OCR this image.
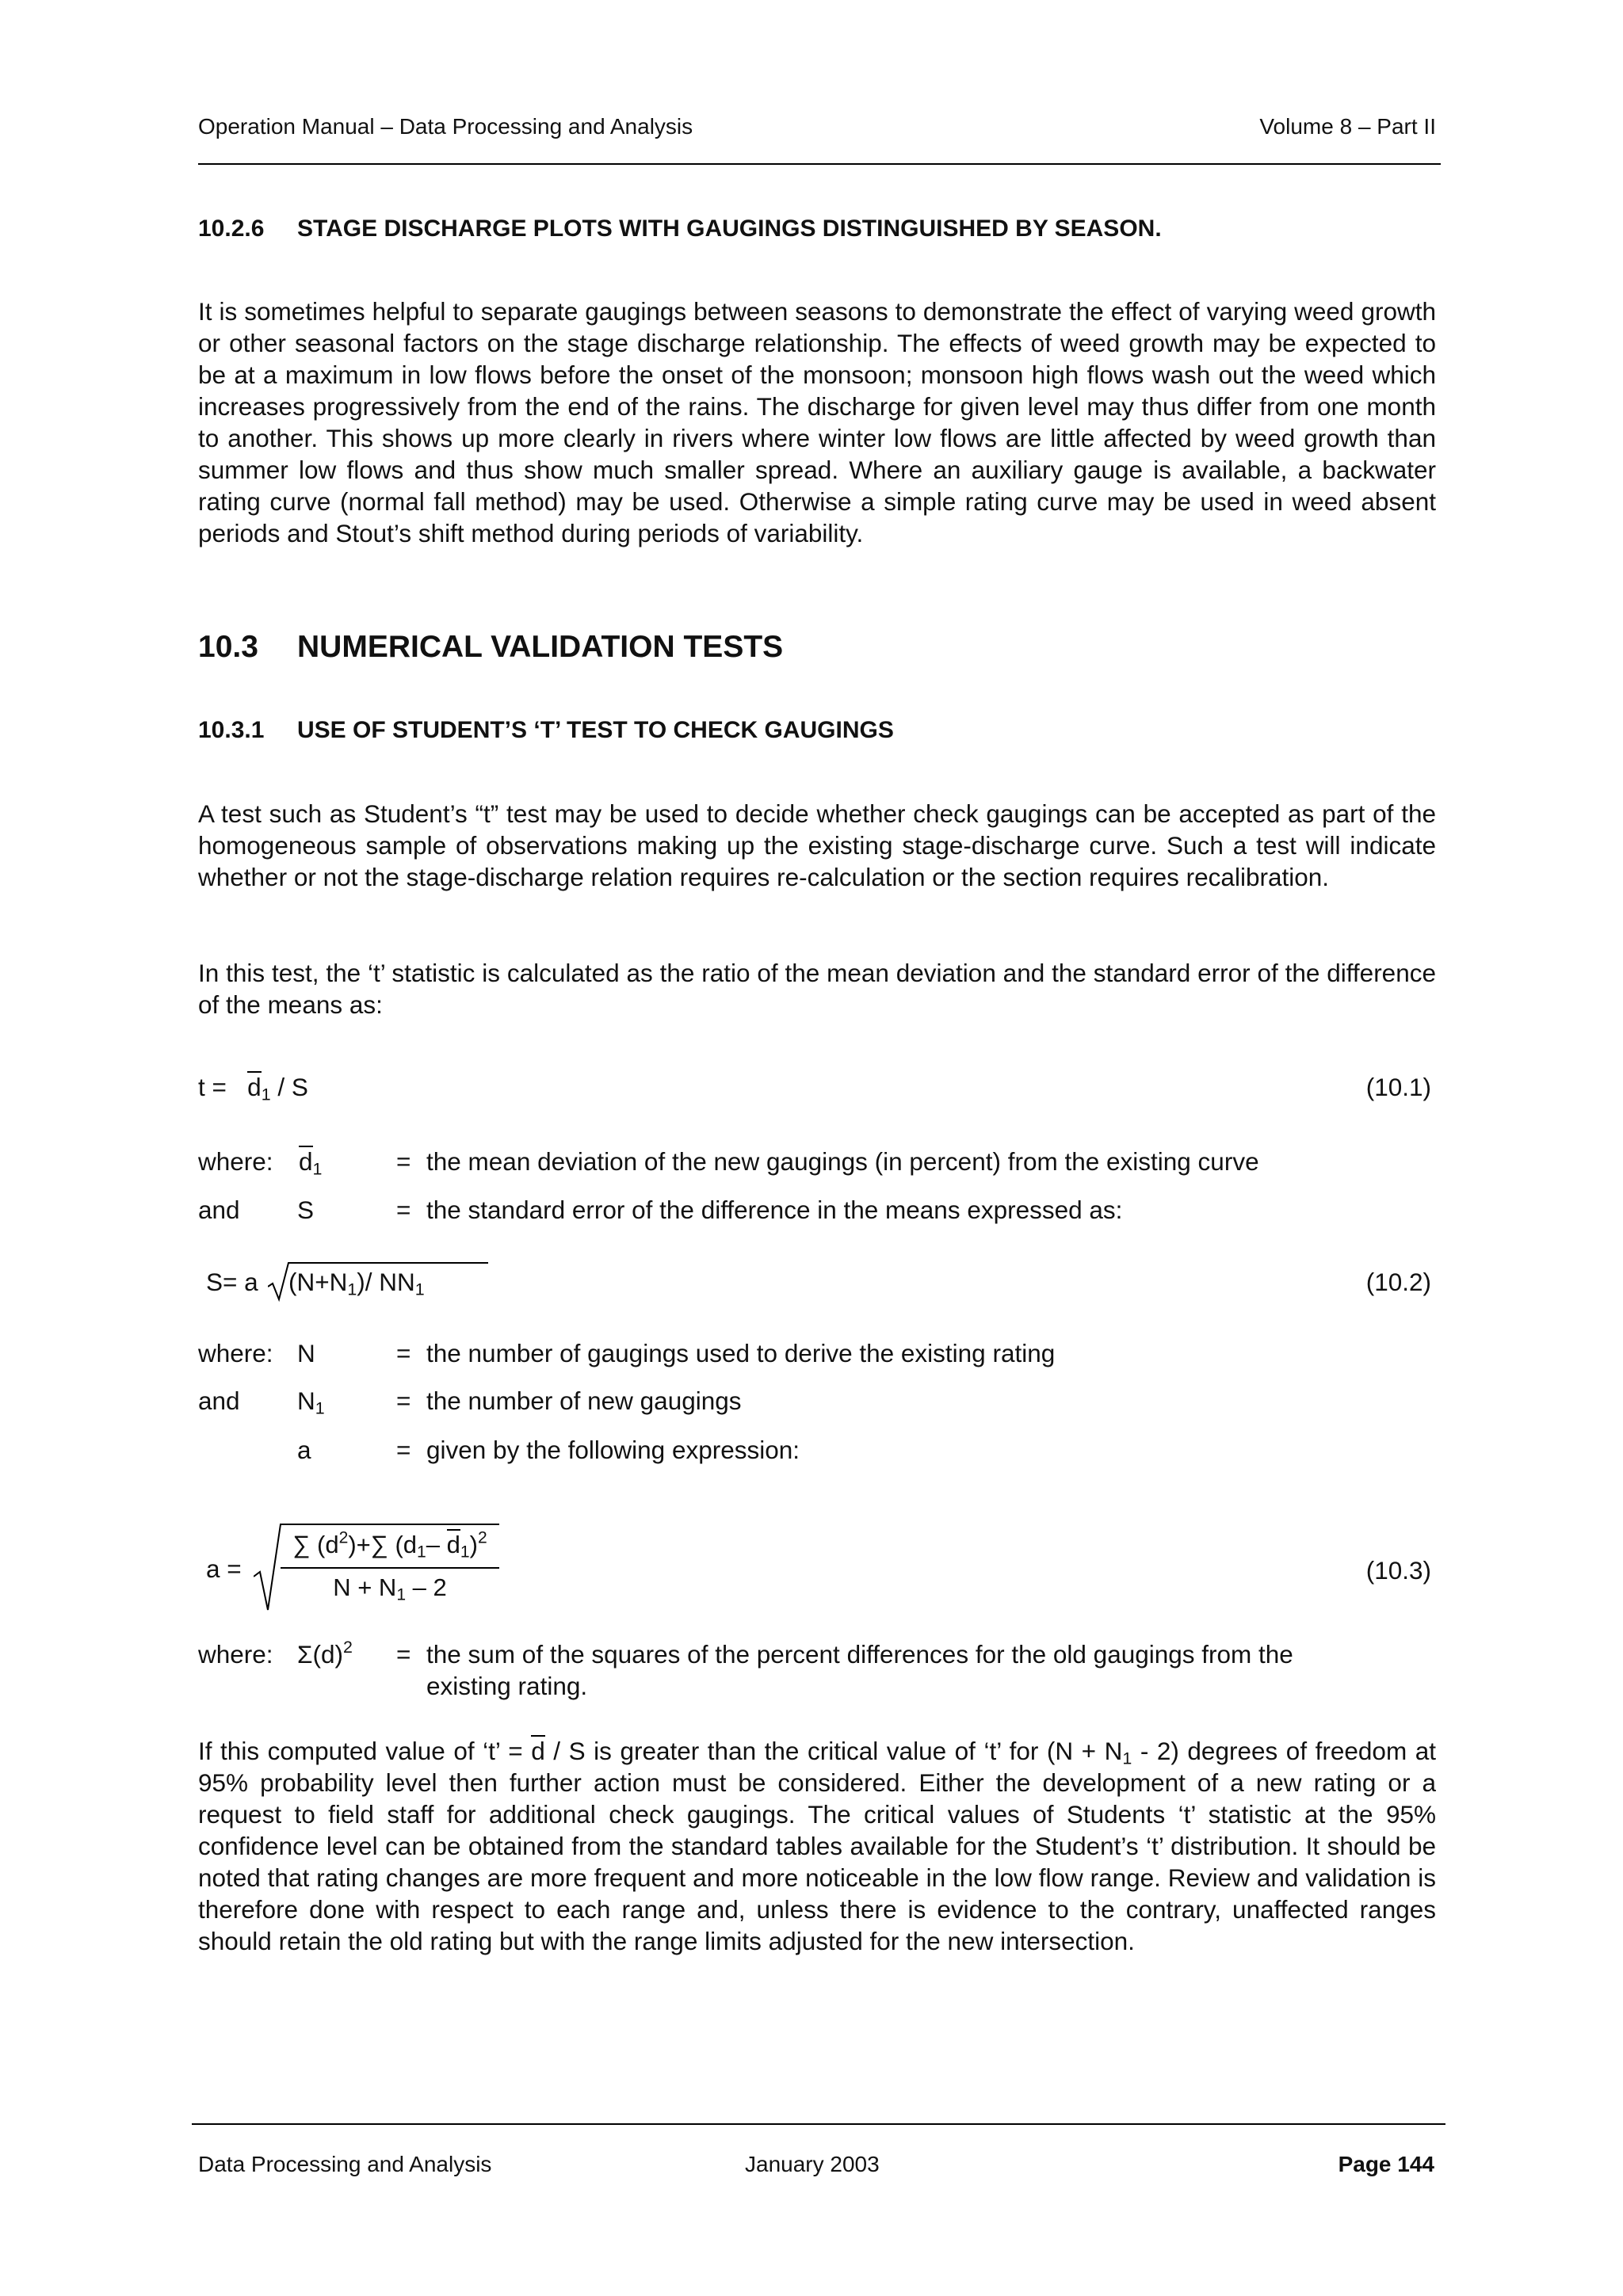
Operation Manual – Data Processing and Analysis	Volume 8 – Part II
10.2.6 STAGE DISCHARGE PLOTS WITH GAUGINGS DISTINGUISHED BY SEASON.
It is sometimes helpful to separate gaugings between seasons to demonstrate the effect of varying weed growth or other seasonal factors on the stage discharge relationship. The effects of weed growth may be expected to be at a maximum in low flows before the onset of the monsoon; monsoon high flows wash out the weed which increases progressively from the end of the rains. The discharge for given level may thus differ from one month to another. This shows up more clearly in rivers where winter low flows are little affected by weed growth than summer low flows and thus show much smaller spread. Where an auxiliary gauge is available, a backwater rating curve (normal fall method) may be used. Otherwise a simple rating curve may be used in weed absent periods and Stout’s shift method during periods of variability.
10.3 NUMERICAL VALIDATION TESTS
10.3.1 USE OF STUDENT’S ‘T’ TEST TO CHECK GAUGINGS
A test such as Student’s “t” test may be used to decide whether check gaugings can be accepted as part of the homogeneous sample of observations making up the existing stage-discharge curve. Such a test will indicate whether or not the stage-discharge relation requires re-calculation or the section requires recalibration.
In this test, the ‘t’ statistic is calculated as the ratio of the mean deviation and the standard error of the difference of the means as:
$t = d_1 / S$	(10.1)
where: $d_1$	= the mean deviation of the new gaugings (in percent) from the existing curve
and S	= the standard error of the difference in the means expressed as:
S= a $(N+N_1)/$ $NN_1$	(10.2)
where: N	= the number of gaugings used to derive the existing rating
and $N_1$	= the number of new gaugings
a	= given by the following expression:
a =
∑ $(d^2)+\sum$ ($d_1-$ $d_1)^2$
$N + N_1 - 2$
(10.3)
where: $\Sigma(d)^2$ = the sum of the squares of the percent differences for the old gaugings from the
existing rating.
If this computed value of ‘t’ = d / S is greater than the critical value of ‘t’ for $(N + N_1 - 2)$ degrees of freedom at 95% probability level then further action must be considered. Either the development of a new rating or a request to field staff for additional check gaugings. The critical values of Students ‘t’ statistic at the 95% confidence level can be obtained from the standard tables available for the Student’s ‘t’ distribution. It should be noted that rating changes are more frequent and more noticeable in the low flow range. Review and validation is therefore done with respect to each range and, unless there is evidence to the contrary, unaffected ranges should retain the old rating but with the range limits adjusted for the new intersection.
Data Processing and Analysis	January 2003	Page 144
